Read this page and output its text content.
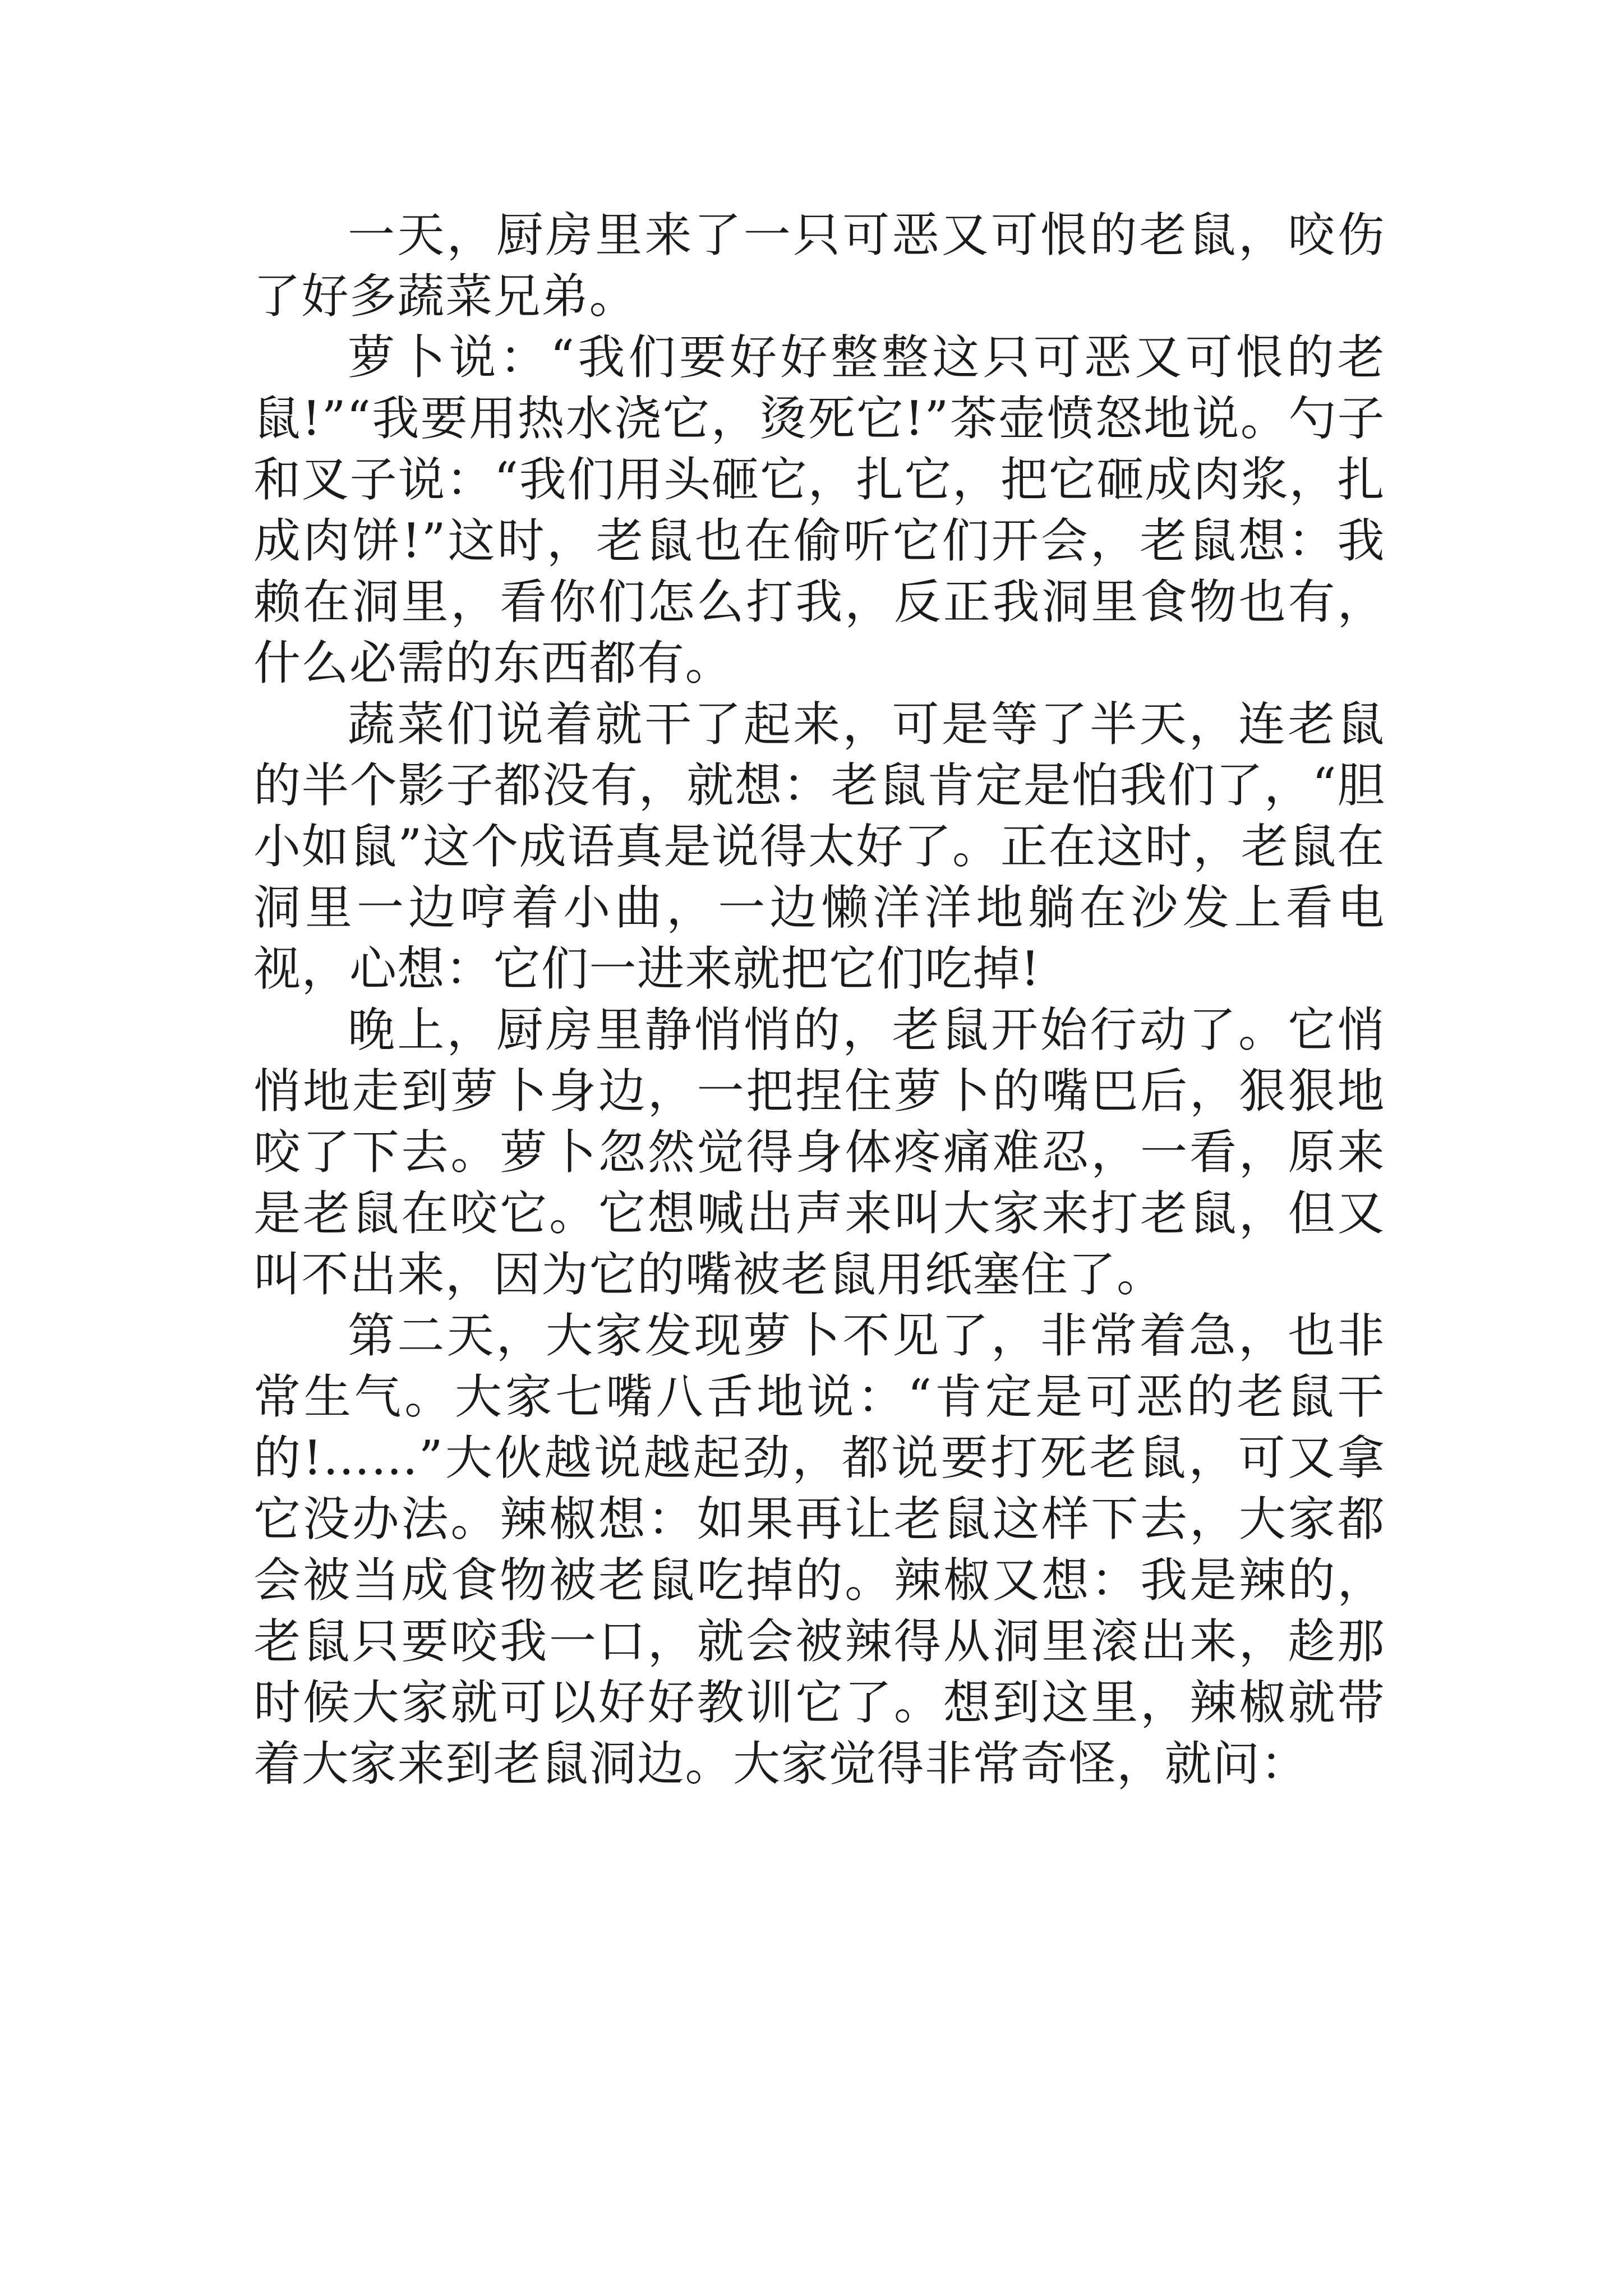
一天，厨房里来了一只可恶又可恨的老鼠，咬伤了好多蔬菜兄弟。

萝卜说：“我们要好好整整这只可恶又可恨的老鼠!”“我要用热水浇它，烫死它!”茶壶愤怒地说。勺子和叉子说：“我们用头砸它，扎它，把它砸成肉浆，扎成肉饼!”这时，老鼠也在偷听它们开会，老鼠想：我赖在洞里，看你们怎么打我，反正我洞里食物也有，什么必需的东西都有。

蔬菜们说着就干了起来，可是等了半天，连老鼠的半个影子都没有，就想：老鼠肯定是怕我们了，“胆小如鼠”这个成语真是说得太好了。正在这时，老鼠在洞里一边哼着小曲，一边懒洋洋地躺在沙发上看电视，心想：它们一进来就把它们吃掉!

晚上，厨房里静悄悄的，老鼠开始行动了。它悄悄地走到萝卜身边，一把捏住萝卜的嘴巴后，狠狠地咬了下去。萝卜忽然觉得身体疼痛难忍，一看，原来是老鼠在咬它。它想喊出声来叫大家来打老鼠，但又叫不出来，因为它的嘴被老鼠用纸塞住了。

第二天，大家发现萝卜不见了，非常着急，也非常生气。大家七嘴八舌地说：“肯定是可恶的老鼠干的!……”大伙越说越起劲，都说要打死老鼠，可又拿它没办法。辣椒想：如果再让老鼠这样下去，大家都会被当成食物被老鼠吃掉的。辣椒又想：我是辣的，老鼠只要咬我一口，就会被辣得从洞里滚出来，趁那时候大家就可以好好教训它了。想到这里，辣椒就带着大家来到老鼠洞边。大家觉得非常奇怪，就问：
